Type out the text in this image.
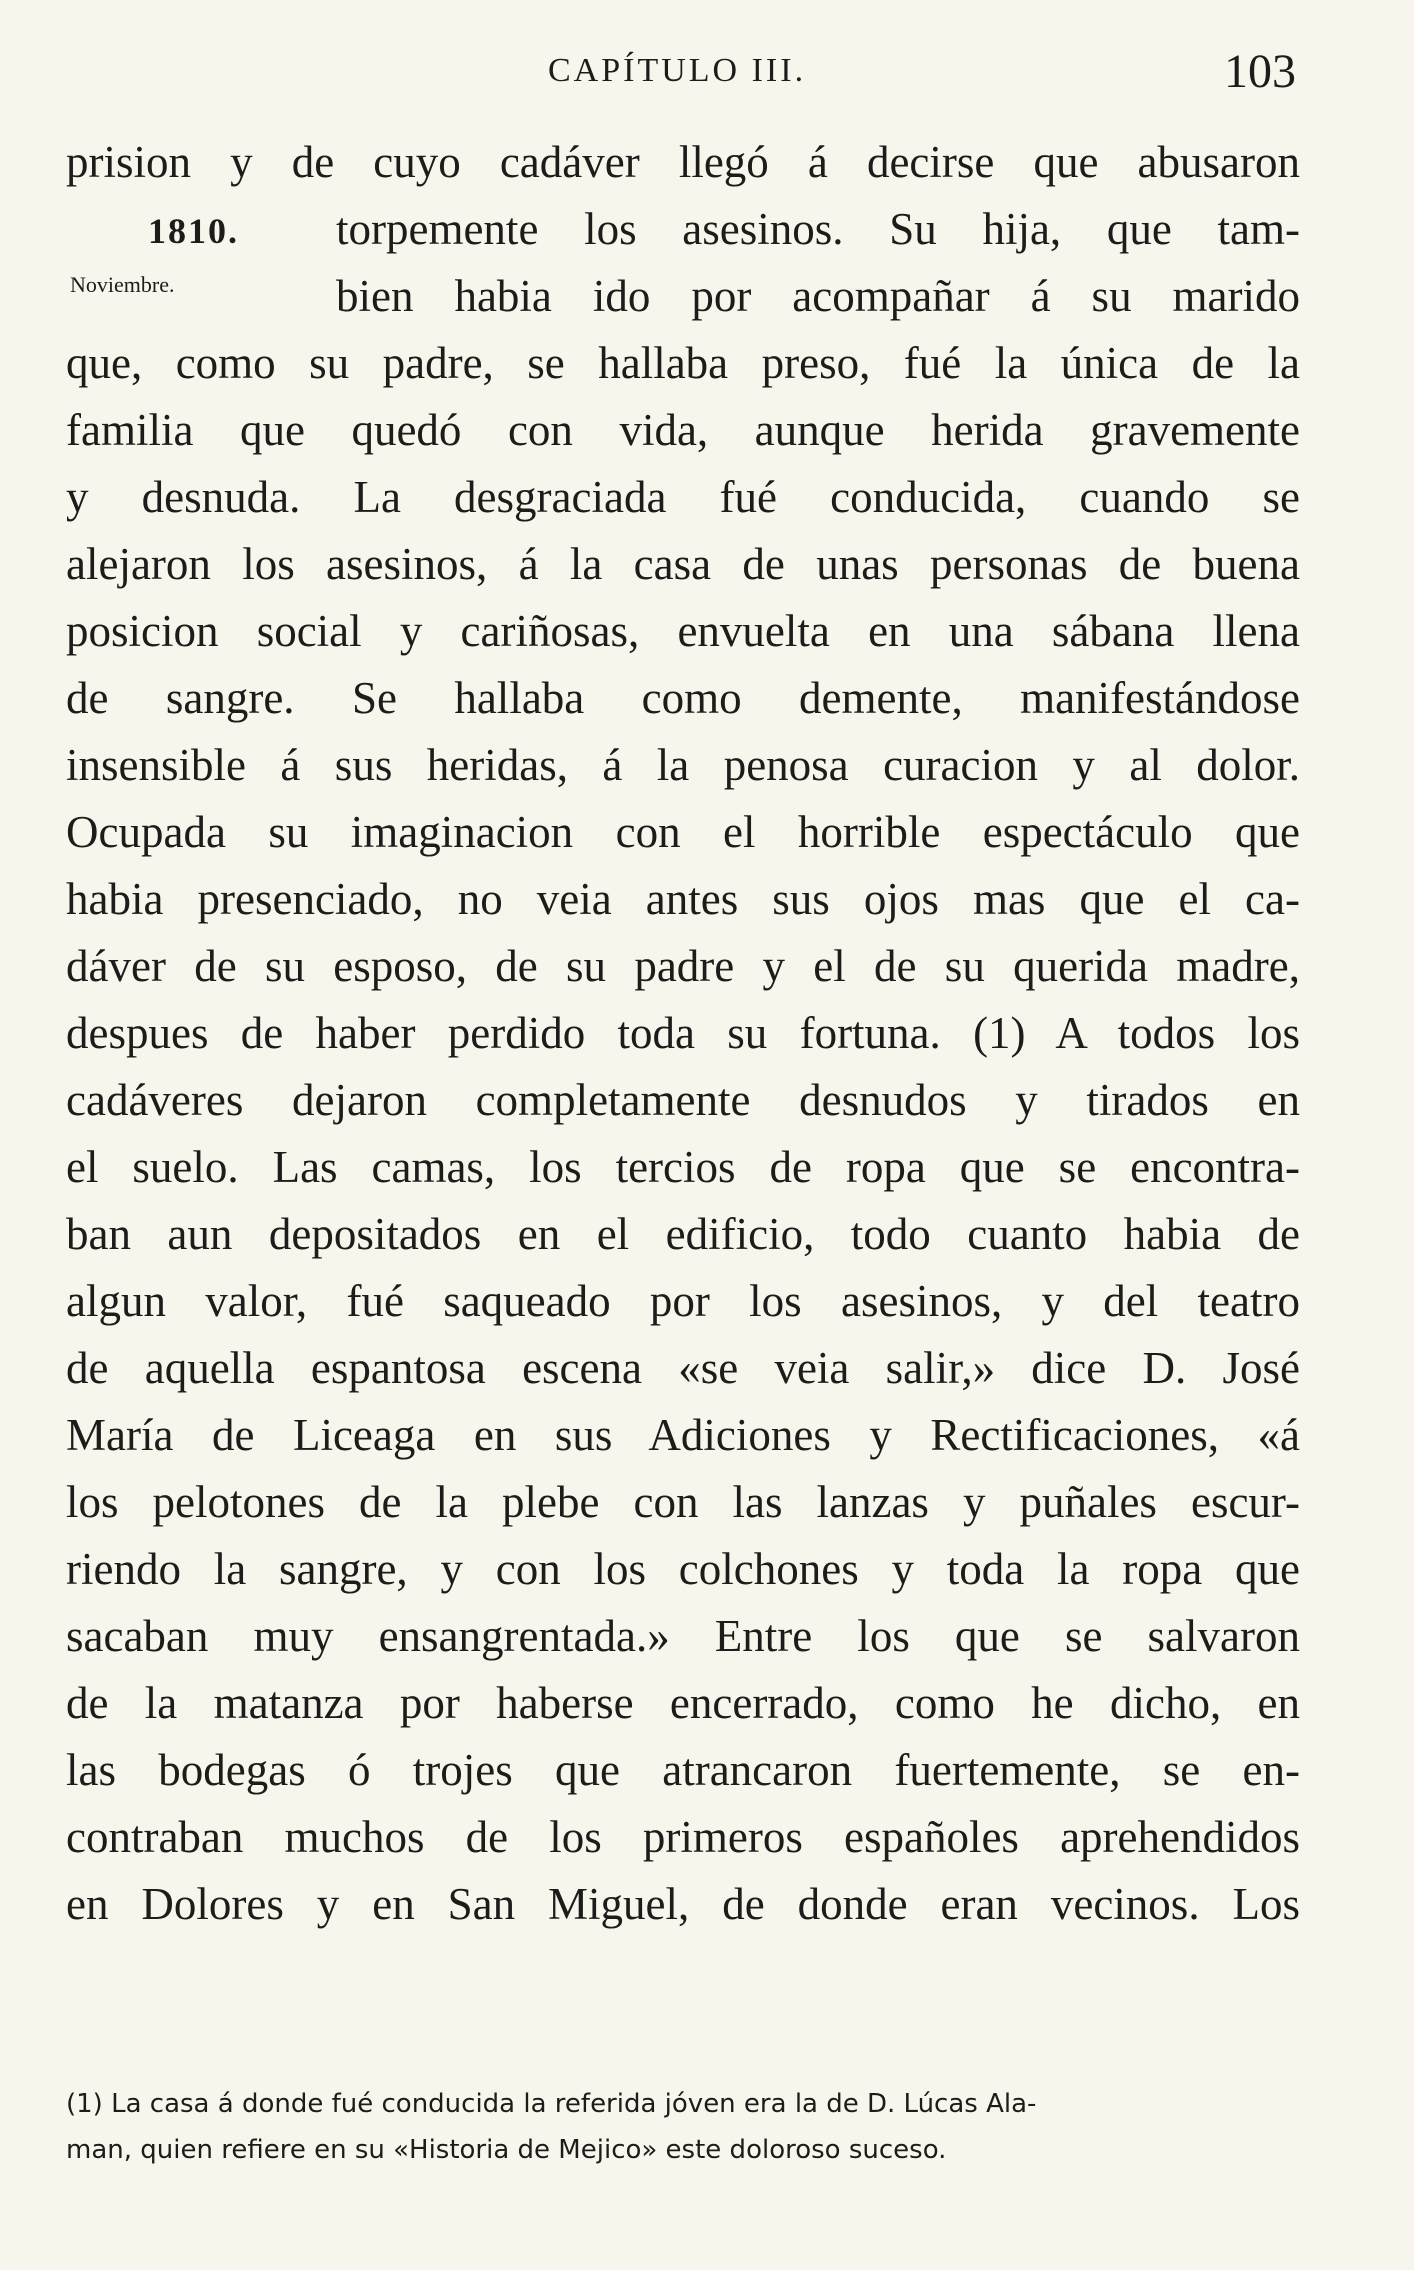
CAPÍTULO III.	103
1810.
Noviembre.
prision y de cuyo cadáver llegó á decirse que abusaron
torpemente los asesinos. Su hija, que tam-
bien habia ido por acompañar á su marido
que, como su padre, se hallaba preso, fué la única de la
familia que quedó con vida, aunque herida gravemente
y desnuda. La desgraciada fué conducida, cuando se
alejaron los asesinos, á la casa de unas personas de buena
posicion social y cariñosas, envuelta en una sábana llena
de sangre. Se hallaba como demente, manifestándose
insensible á sus heridas, á la penosa curacion y al dolor.
Ocupada su imaginacion con el horrible espectáculo que
habia presenciado, no veia antes sus ojos mas que el ca-
dáver de su esposo, de su padre y el de su querida madre,
despues de haber perdido toda su fortuna. (1) A todos los
cadáveres dejaron completamente desnudos y tirados en
el suelo. Las camas, los tercios de ropa que se encontra-
ban aun depositados en el edificio, todo cuanto habia de
algun valor, fué saqueado por los asesinos, y del teatro
de aquella espantosa escena «se veia salir,» dice D. José
María de Liceaga en sus Adiciones y Rectificaciones, «á
los pelotones de la plebe con las lanzas y puñales escur-
riendo la sangre, y con los colchones y toda la ropa que
sacaban muy ensangrentada.» Entre los que se salvaron
de la matanza por haberse encerrado, como he dicho, en
las bodegas ó trojes que atrancaron fuertemente, se en-
contraban muchos de los primeros españoles aprehendidos
en Dolores y en San Miguel, de donde eran vecinos. Los
(1) La casa á donde fué conducida la referida jóven era la de D. Lúcas Ala-
man, quien refiere en su «Historia de Mejico» este doloroso suceso.
